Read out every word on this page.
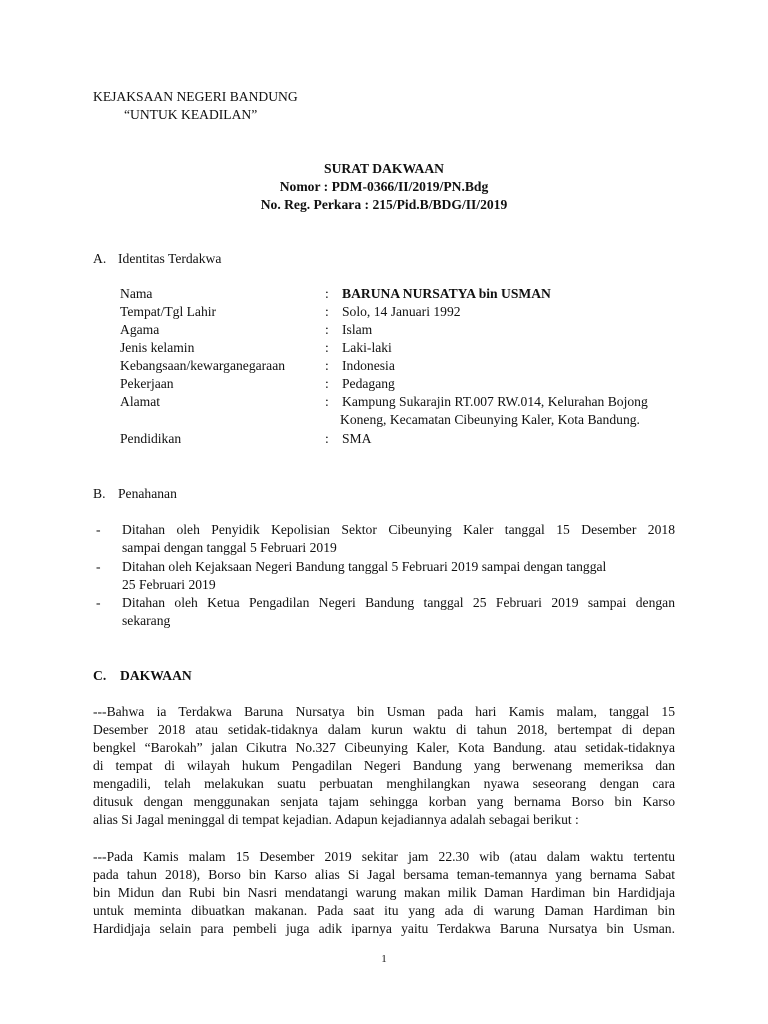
KEJAKSAAN NEGERI BANDUNG
“UNTUK KEADILAN”
SURAT DAKWAAN
Nomor : PDM-0366/II/2019/PN.Bdg
No. Reg. Perkara : 215/Pid.B/BDG/II/2019
A. Identitas Terdakwa
Nama	: BARUNA NURSATYA bin USMAN
Tempat/Tgl Lahir	: Solo, 14 Januari 1992
Agama	: Islam
Jenis kelamin	: Laki-laki
Kebangsaan/kewarganegaraan	: Indonesia
Pekerjaan	: Pedagang
Alamat	: Kampung Sukarajin RT.007 RW.014, Kelurahan Bojong
Koneng, Kecamatan Cibeunying Kaler, Kota Bandung.
Pendidikan	: SMA
B. Penahanan
- Ditahan oleh Penyidik Kepolisian Sektor Cibeunying Kaler tanggal 15 Desember 2018
sampai dengan tanggal 5 Februari 2019
- Ditahan oleh Kejaksaan Negeri Bandung tanggal 5 Februari 2019 sampai dengan tanggal
25 Februari 2019
- Ditahan oleh Ketua Pengadilan Negeri Bandung tanggal 25 Februari 2019 sampai dengan
sekarang
C. DAKWAAN
---Bahwa ia Terdakwa Baruna Nursatya bin Usman pada hari Kamis malam, tanggal 15
Desember 2018 atau setidak-tidaknya dalam kurun waktu di tahun 2018, bertempat di depan
bengkel “Barokah” jalan Cikutra No.327 Cibeunying Kaler, Kota Bandung. atau setidak-tidaknya
di tempat di wilayah hukum Pengadilan Negeri Bandung yang berwenang memeriksa dan
mengadili, telah melakukan suatu perbuatan menghilangkan nyawa seseorang dengan cara
ditusuk dengan menggunakan senjata tajam sehingga korban yang bernama Borso bin Karso
alias Si Jagal meninggal di tempat kejadian. Adapun kejadiannya adalah sebagai berikut :
---Pada Kamis malam 15 Desember 2019 sekitar jam 22.30 wib (atau dalam waktu tertentu
pada tahun 2018), Borso bin Karso alias Si Jagal bersama teman-temannya yang bernama Sabat
bin Midun dan Rubi bin Nasri mendatangi warung makan milik Daman Hardiman bin Hardidjaja
untuk meminta dibuatkan makanan. Pada saat itu yang ada di warung Daman Hardiman bin
Hardidjaja selain para pembeli juga adik iparnya yaitu Terdakwa Baruna Nursatya bin Usman.
1
